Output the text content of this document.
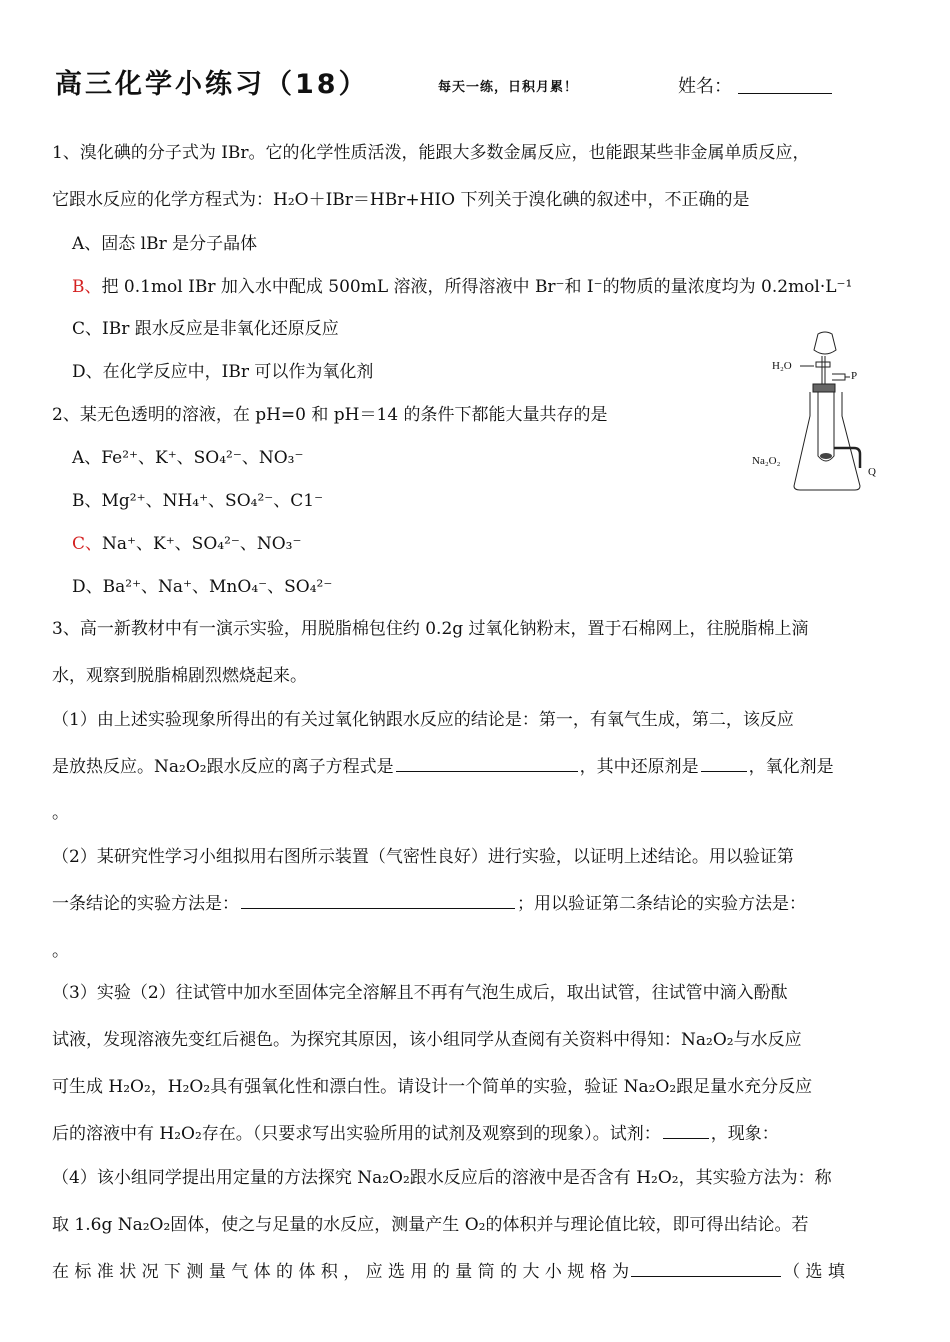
高三化学小练习（18）	每天一练，日积月累！	姓名：
1、溴化碘的分子式为 IBr。它的化学性质活泼，能跟大多数金属反应，也能跟某些非金属单质反应，
它跟水反应的化学方程式为：H₂O＋IBr＝HBr+HIO 下列关于溴化碘的叙述中，不正确的是
A、固态 lBr 是分子晶体
B、把 0.1mol IBr 加入水中配成 500mL 溶液，所得溶液中 Br⁻和 I⁻的物质的量浓度均为 0.2mol·L⁻¹
C、IBr 跟水反应是非氧化还原反应
D、在化学反应中，IBr 可以作为氧化剂
2、某无色透明的溶液，在 pH=0 和 pH＝14 的条件下都能大量共存的是
A、Fe²⁺、K⁺、SO₄²⁻、NO₃⁻
B、Mg²⁺、NH₄⁺、SO₄²⁻、C1⁻
C、Na⁺、K⁺、SO₄²⁻、NO₃⁻
D、Ba²⁺、Na⁺、MnO₄⁻、SO₄²⁻
H₂O
P
Na₂O₂
Q
3、高一新教材中有一演示实验，用脱脂棉包住约 0.2g 过氧化钠粉末，置于石棉网上，往脱脂棉上滴
水，观察到脱脂棉剧烈燃烧起来。
（1）由上述实验现象所得出的有关过氧化钠跟水反应的结论是：第一，有氧气生成，第二，该反应
是放热反应。Na₂O₂跟水反应的离子方程式是	，其中还原剂是	，氧化剂是
。
（2）某研究性学习小组拟用右图所示装置（气密性良好）进行实验，以证明上述结论。用以验证第
一条结论的实验方法是：	；用以验证第二条结论的实验方法是：
。
（3）实验（2）往试管中加水至固体完全溶解且不再有气泡生成后，取出试管，往试管中滴入酚酞
试液，发现溶液先变红后褪色。为探究其原因，该小组同学从查阅有关资料中得知：Na₂O₂与水反应
可生成 H₂O₂，H₂O₂具有强氧化性和漂白性。请设计一个简单的实验，验证 Na₂O₂跟足量水充分反应
后的溶液中有 H₂O₂存在。（只要求写出实验所用的试剂及观察到的现象）。试剂：	，现象：
（4）该小组同学提出用定量的方法探究 Na₂O₂跟水反应后的溶液中是否含有 H₂O₂，其实验方法为：称
取 1.6g Na₂O₂固体，使之与足量的水反应，测量产生 O₂的体积并与理论值比较，即可得出结论。若
在 标 准 状 况 下 测 量 气 体 的 体 积 ， 应 选 用 的 量 筒 的 大 小 规 格 为	（ 选 填
